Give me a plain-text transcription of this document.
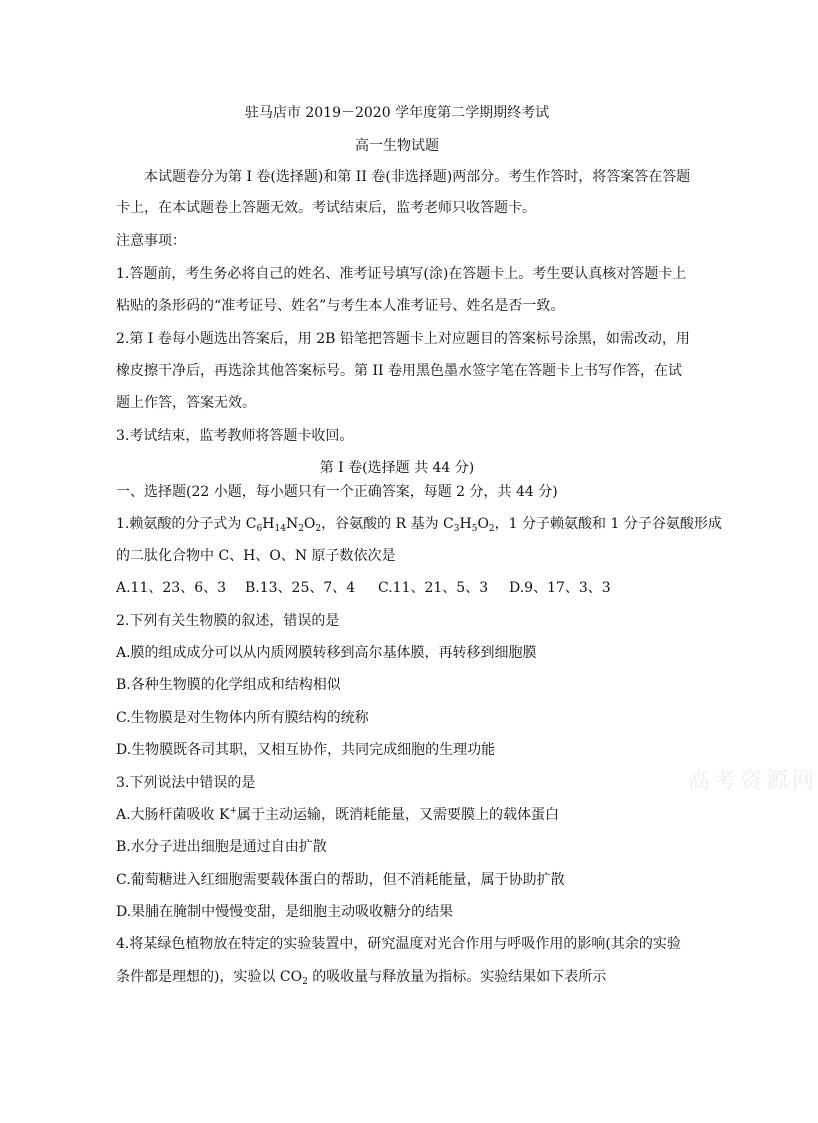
驻马店市 2019－2020 学年度第二学期期终考试
高一生物试题
本试题卷分为第 I 卷(选择题)和第 II 卷(非选择题)两部分。考生作答时，将答案答在答题
卡上，在本试题卷上答题无效。考试结束后，监考老师只收答题卡。
注意事项：
1.答题前，考生务必将自己的姓名、准考证号填写(涂)在答题卡上。考生要认真核对答题卡上
粘贴的条形码的“准考证号、姓名”与考生本人准考证号、姓名是否一致。
2.第 I 卷每小题选出答案后，用 2B 铅笔把答题卡上对应题目的答案标号涂黑，如需改动，用
橡皮擦干净后，再选涂其他答案标号。第 II 卷用黑色墨水签字笔在答题卡上书写作答，在试
题上作答，答案无效。
3.考试结束，监考教师将答题卡收回。
第 I 卷(选择题 共 44 分)
一、选择题(22 小题，每小题只有一个正确答案，每题 2 分，共 44 分)
1.赖氨酸的分子式为 $C_6H_{14}N_2O_2$，谷氨酸的 R 基为 $C_3H_5O_2$，1 分子赖氨酸和 1 分子谷氨酸形成
的二肽化合物中 C、H、O、N 原子数依次是
A.11、23、6、3 B.13、25、7、4 C.11、21、5、3 D.9、17、3、3
2.下列有关生物膜的叙述，错误的是
A.膜的组成成分可以从内质网膜转移到高尔基体膜，再转移到细胞膜
B.各种生物膜的化学组成和结构相似
C.生物膜是对生物体内所有膜结构的统称
D.生物膜既各司其职，又相互协作，共同完成细胞的生理功能
3.下列说法中错误的是
A.大肠杆菌吸收 K+属于主动运输，既消耗能量，又需要膜上的载体蛋白
B.水分子进出细胞是通过自由扩散
C.葡萄糖进入红细胞需要载体蛋白的帮助，但不消耗能量，属于协助扩散
D.果脯在腌制中慢慢变甜，是细胞主动吸收糖分的结果
4.将某绿色植物放在特定的实验装置中，研究温度对光合作用与呼吸作用的影响(其余的实验
条件都是理想的)，实验以 $CO_2$ 的吸收量与释放量为指标。实验结果如下表所示
高考资源网
